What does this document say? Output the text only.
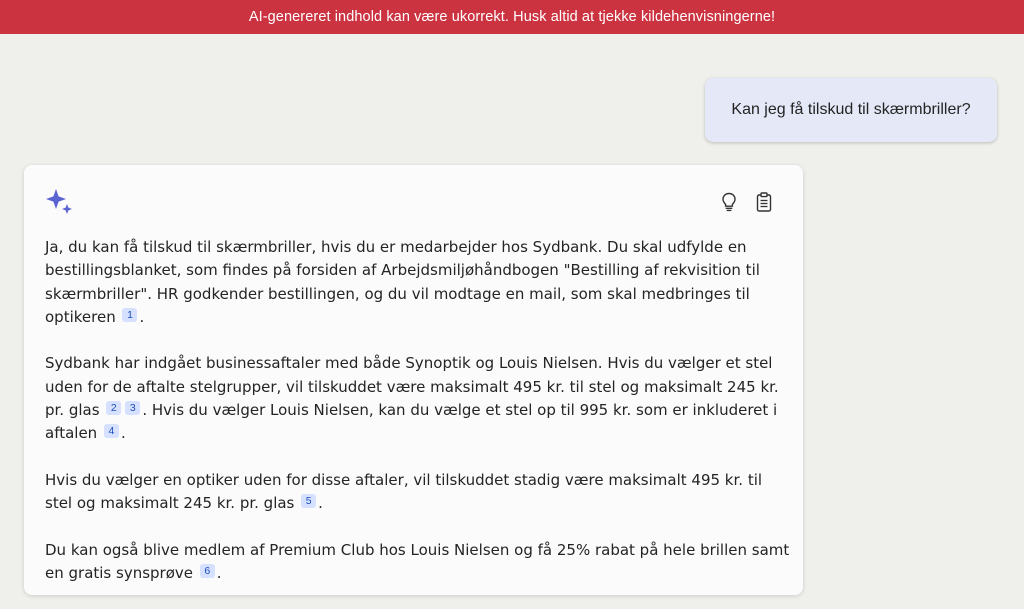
AI-genereret indhold kan være ukorrekt. Husk altid at tjekke kildehenvisningerne!
Kan jeg få tilskud til skærmbriller?

Ja, du kan få tilskud til skærmbriller, hvis du er medarbejder hos Sydbank. Du skal udfylde en bestillingsblanket, som findes på forsiden af Arbejdsmiljøhåndbogen "Bestilling af rekvisition til skærmbriller". HR godkender bestillingen, og du vil modtage en mail, som skal medbringes til optikeren 1 .

Sydbank har indgået businessaftaler med både Synoptik og Louis Nielsen. Hvis du vælger et stel uden for de aftalte stelgrupper, vil tilskuddet være maksimalt 495 kr. til stel og maksimalt 245 kr. pr. glas 2 3 . Hvis du vælger Louis Nielsen, kan du vælge et stel op til 995 kr. som er inkluderet i aftalen 4 .

Hvis du vælger en optiker uden for disse aftaler, vil tilskuddet stadig være maksimalt 495 kr. til stel og maksimalt 245 kr. pr. glas 5 .

Du kan også blive medlem af Premium Club hos Louis Nielsen og få 25% rabat på hele brillen samt en gratis synsprøve 6 .
